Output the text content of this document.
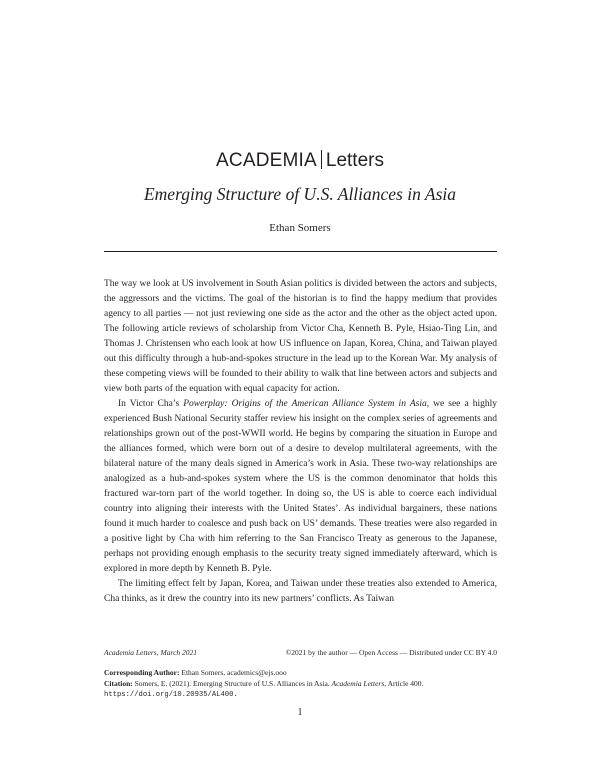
ACADEMIA Letters
Emerging Structure of U.S. Alliances in Asia
Ethan Somers

The way we look at US involvement in South Asian politics is divided between the actors and subjects, the aggressors and the victims. The goal of the historian is to find the happy medium that provides agency to all parties — not just reviewing one side as the actor and the other as the object acted upon. The following article reviews of scholarship from Victor Cha, Kenneth B. Pyle, Hsiao-Ting Lin, and Thomas J. Christensen who each look at how US influence on Japan, Korea, China, and Taiwan played out this difficulty through a hub-and-spokes structure in the lead up to the Korean War. My analysis of these competing views will be founded to their ability to walk that line between actors and subjects and view both parts of the equation with equal capacity for action.

In Victor Cha’s Powerplay: Origins of the American Alliance System in Asia, we see a highly experienced Bush National Security staffer review his insight on the complex series of agreements and relationships grown out of the post-WWII world. He begins by comparing the situation in Europe and the alliances formed, which were born out of a desire to develop multilateral agreements, with the bilateral nature of the many deals signed in America’s work in Asia. These two-way relationships are analogized as a hub-and-spokes system where the US is the common denominator that holds this fractured war-torn part of the world together. In doing so, the US is able to coerce each individual country into aligning their interests with the United States’. As individual bargainers, these nations found it much harder to coalesce and push back on US’ demands. These treaties were also regarded in a positive light by Cha with him referring to the San Francisco Treaty as generous to the Japanese, perhaps not providing enough emphasis to the security treaty signed immediately afterward, which is explored in more depth by Kenneth B. Pyle.

The limiting effect felt by Japan, Korea, and Taiwan under these treaties also extended to America, Cha thinks, as it drew the country into its new partners’ conflicts. As Taiwan

Academia Letters, March 2021	©2021 by the author — Open Access — Distributed under CC BY 4.0
Corresponding Author: Ethan Somers, academics@ejs.ooo
Citation: Somers, E. (2021). Emerging Structure of U.S. Alliances in Asia. Academia Letters, Article 400.
https://doi.org/10.20935/AL400.
1
